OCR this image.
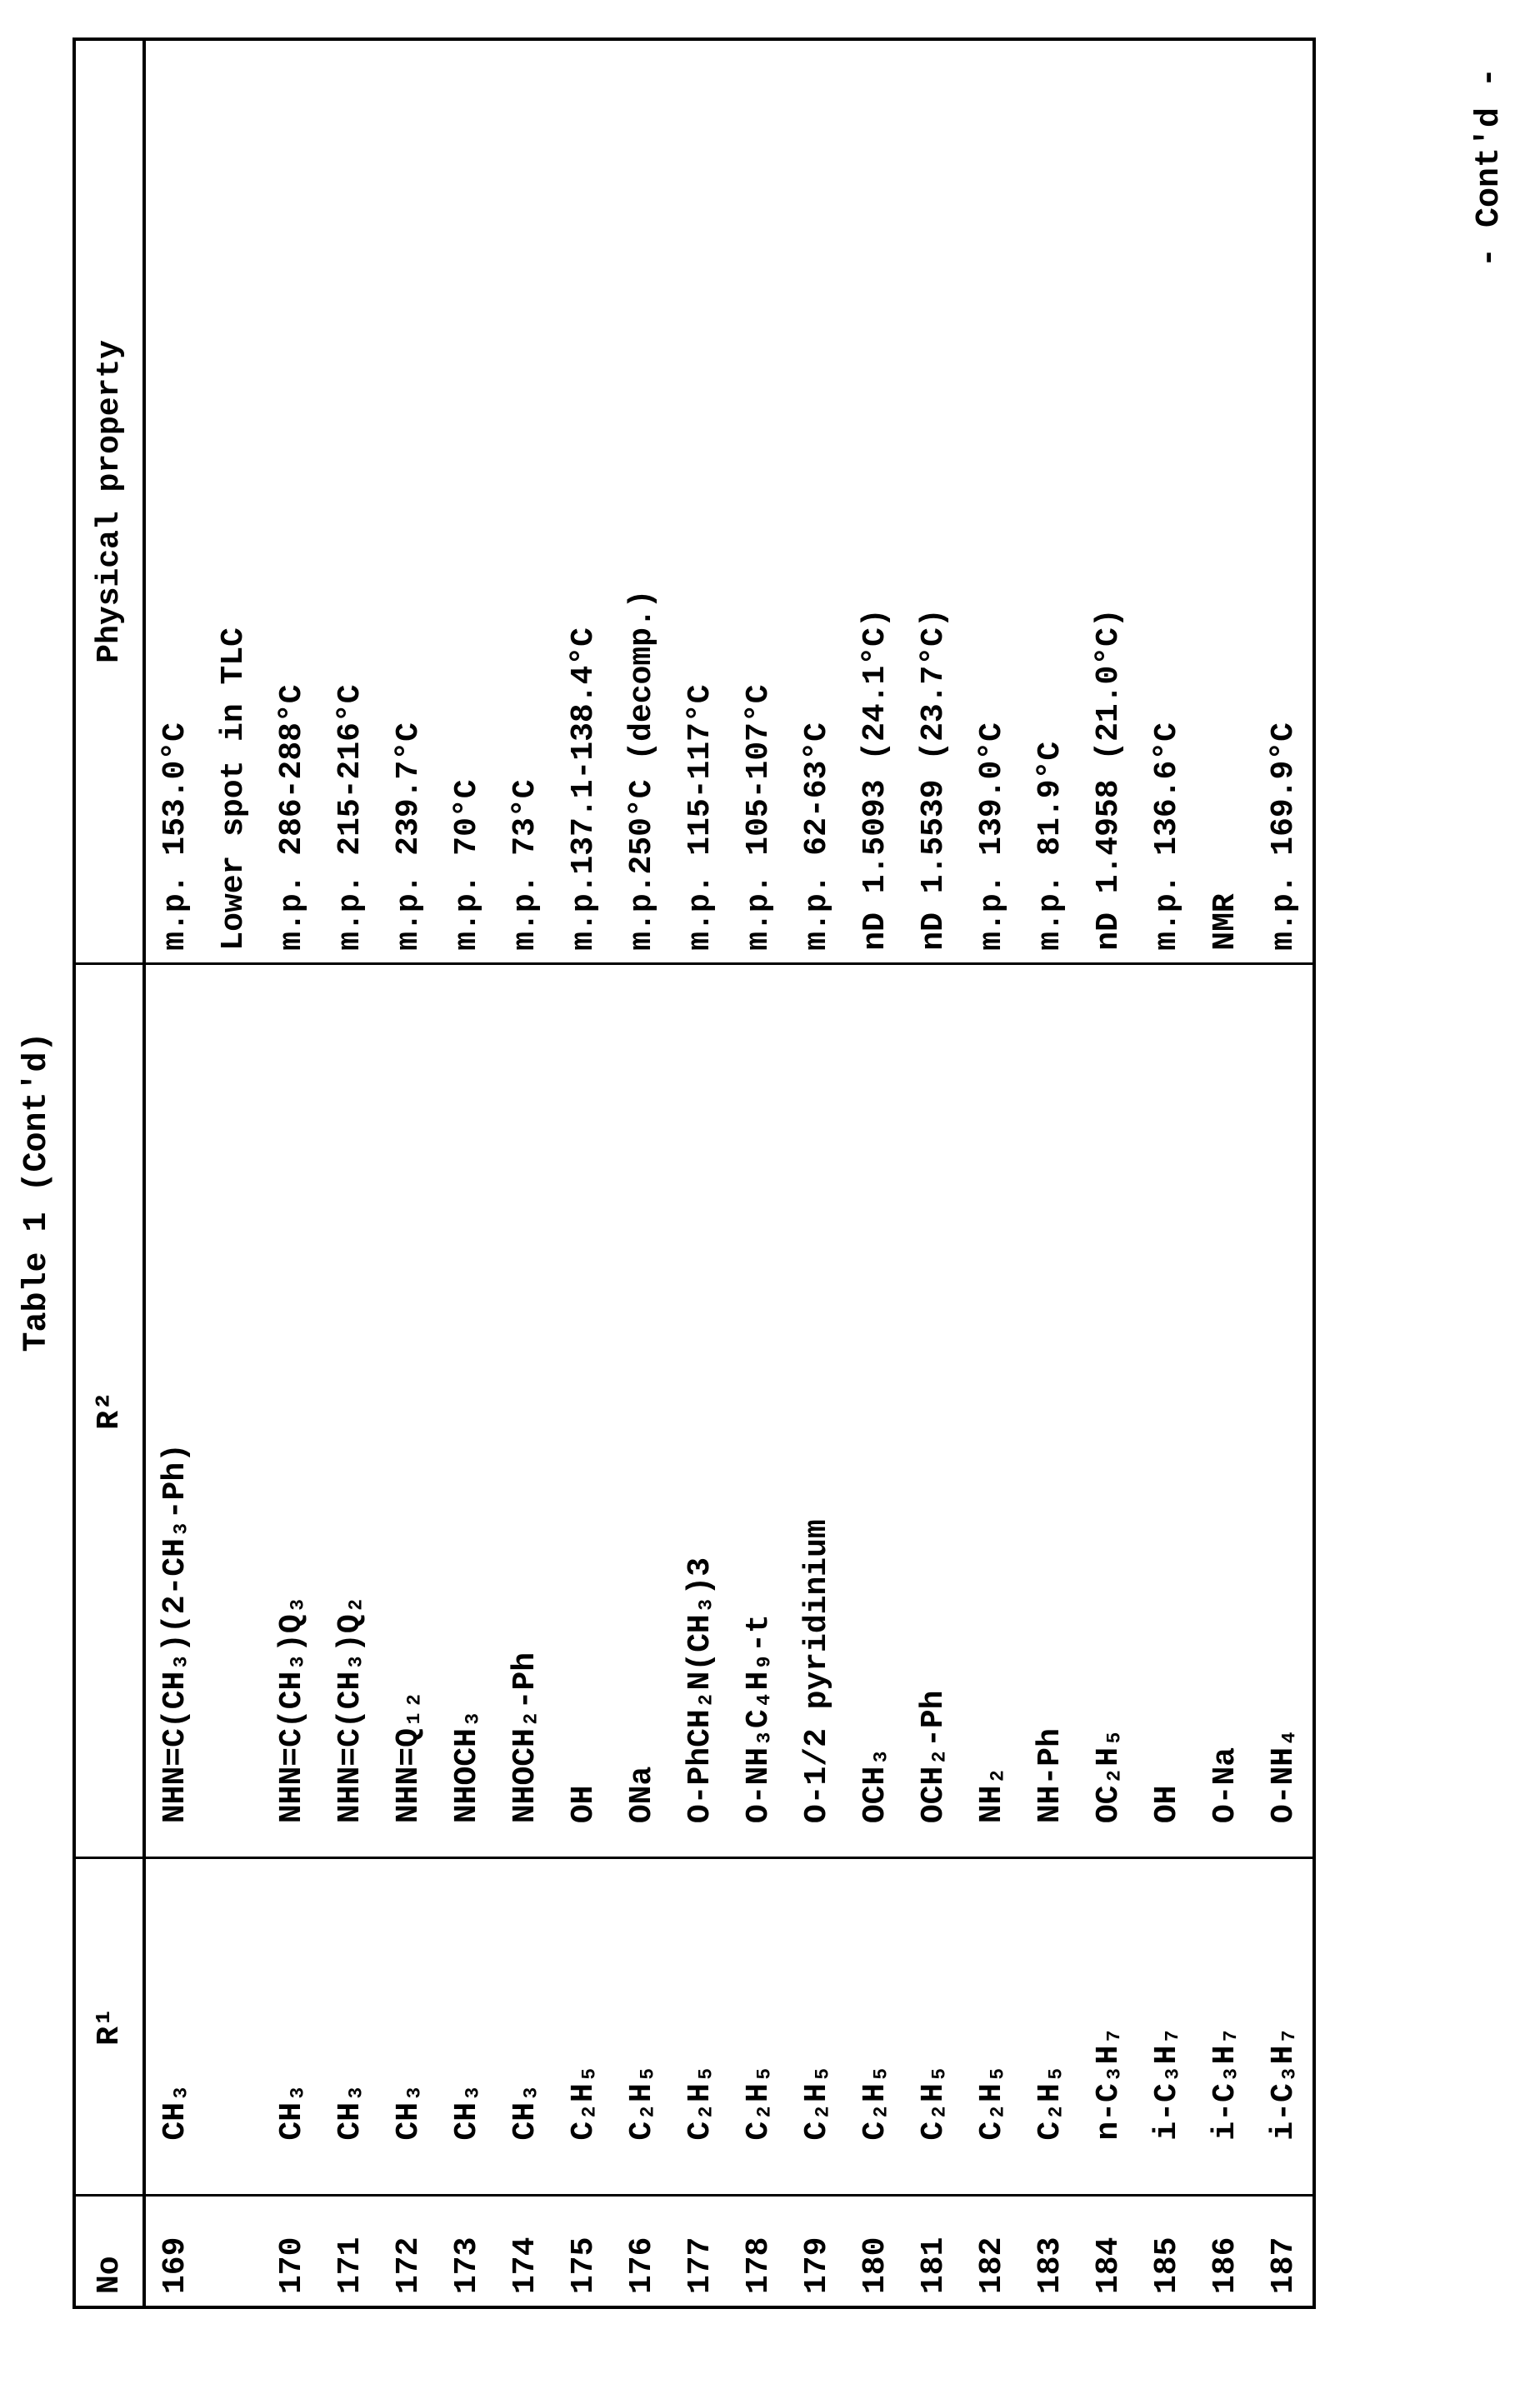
Table 1 (Cont'd)
No	R¹	R²	Physical property
169	CH₃	NHN=C(CH₃)(2-CH₃-Ph)	m.p. 153.0°C			Lower spot in TLC
170	CH₃	NHN=C(CH₃)Q₃	m.p. 286-288°C
171	CH₃	NHN=C(CH₃)Q₂	m.p. 215-216°C
172	CH₃	NHN=Q₁₂	m.p. 239.7°C
173	CH₃	NHOCH₃	m.p. 70°C
174	CH₃	NHOCH₂-Ph	m.p. 73°C
175	C₂H₅	OH	m.p.137.1-138.4°C
176	C₂H₅	ONa	m.p.250°C (decomp.)
177	C₂H₅	O-PhCH₂N(CH₃)3	m.p. 115-117°C
178	C₂H₅	O-NH₃C₄H₉-t	m.p. 105-107°C
179	C₂H₅	O-1/2 pyridinium	m.p. 62-63°C
180	C₂H₅	OCH₃	nD 1.5093 (24.1°C)
181	C₂H₅	OCH₂-Ph	nD 1.5539 (23.7°C)
182	C₂H₅	NH₂	m.p. 139.0°C
183	C₂H₅	NH-Ph	m.p. 81.9°C
184	n-C₃H₇	OC₂H₅	nD 1.4958 (21.0°C)
185	i-C₃H₇	OH	m.p. 136.6°C
186	i-C₃H₇	O-Na	NMR
187	i-C₃H₇	O-NH₄	m.p. 169.9°C
- Cont'd -
